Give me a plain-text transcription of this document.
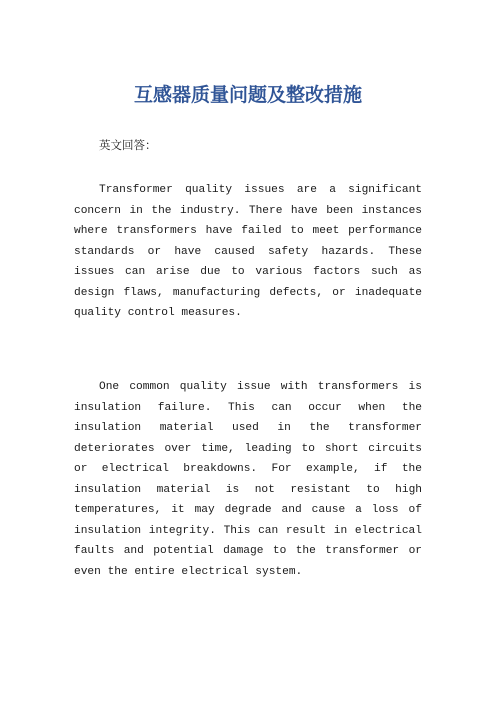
互感器质量问题及整改措施
英文回答：

Transformer quality issues are a significant concern in the industry. There have been instances where transformers have failed to meet performance standards or have caused safety hazards. These issues can arise due to various factors such as design flaws, manufacturing defects, or inadequate quality control measures.

One common quality issue with transformers is insulation failure. This can occur when the insulation material used in the transformer deteriorates over time, leading to short circuits or electrical breakdowns. For example, if the insulation material is not resistant to high temperatures, it may degrade and cause a loss of insulation integrity. This can result in electrical faults and potential damage to the transformer or even the entire electrical system.
